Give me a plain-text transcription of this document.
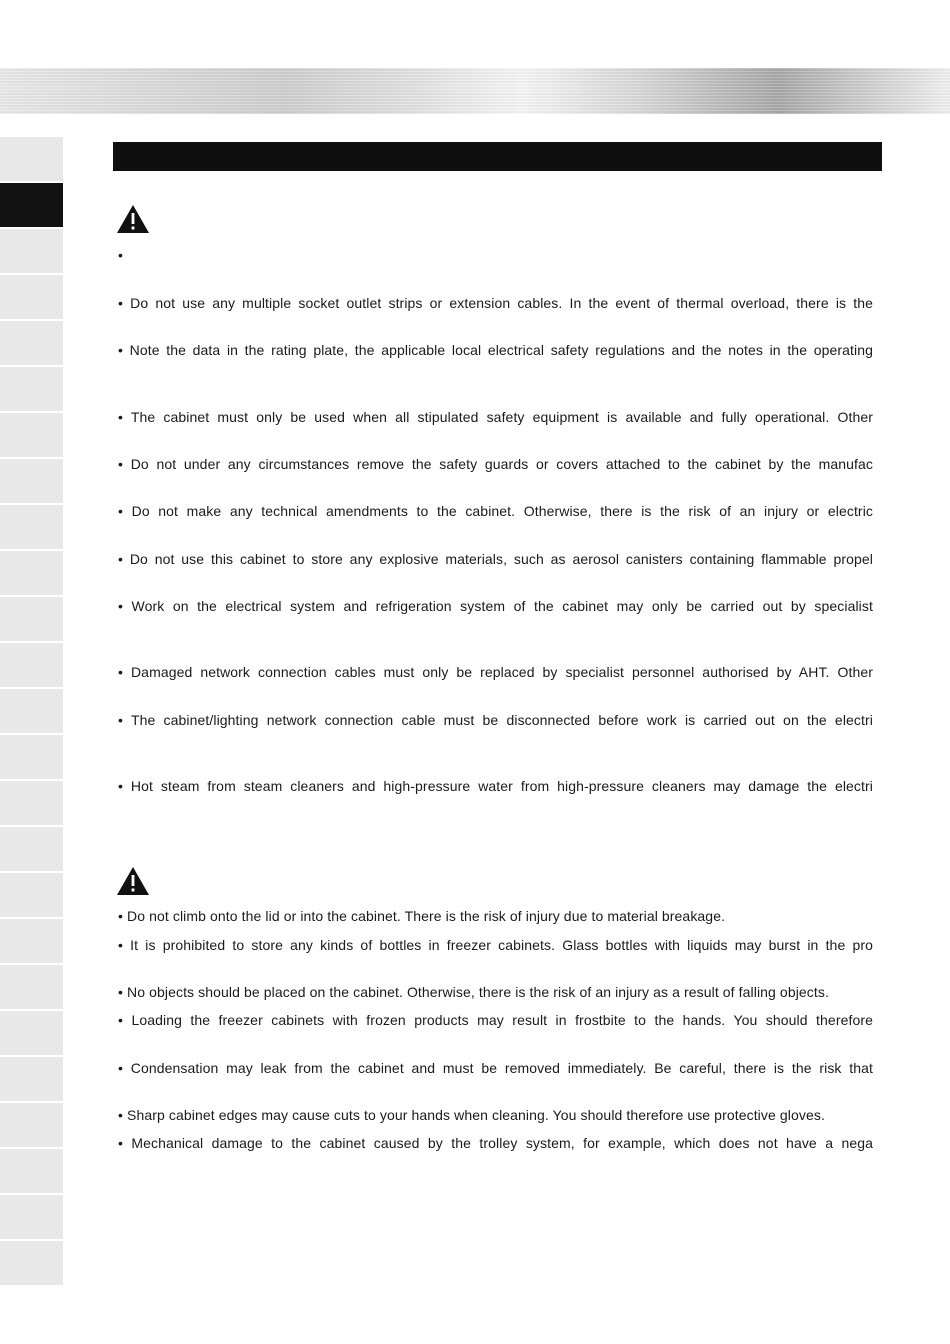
•
• Do not use any multiple socket outlet strips or extension cables. In the event of thermal overload, there is the
• Note the data in the rating plate, the applicable local electrical safety regulations and the notes in the operating
• The cabinet must only be used when all stipulated safety equipment is available and fully operational. Other
• Do not under any circumstances remove the safety guards or covers attached to the cabinet by the manufac
• Do not make any technical amendments to the cabinet. Otherwise, there is the risk of an injury or electric
• Do not use this cabinet to store any explosive materials, such as aerosol canisters containing flammable propel
• Work on the electrical system and refrigeration system of the cabinet may only be carried out by specialist
• Damaged network connection cables must only be replaced by specialist personnel authorised by AHT. Other
• The cabinet/lighting network connection cable must be disconnected before work is carried out on the electri
• Hot steam from steam cleaners and high-pressure water from high-pressure cleaners may damage the electri
• Do not climb onto the lid or into the cabinet. There is the risk of injury due to material breakage.
• It is prohibited to store any kinds of bottles in freezer cabinets. Glass bottles with liquids may burst in the pro
• No objects should be placed on the cabinet. Otherwise, there is the risk of an injury as a result of falling objects.
• Loading the freezer cabinets with frozen products may result in frostbite to the hands. You should therefore
• Condensation may leak from the cabinet and must be removed immediately. Be careful, there is the risk that
• Sharp cabinet edges may cause cuts to your hands when cleaning. You should therefore use protective gloves.
• Mechanical damage to the cabinet caused by the trolley system, for example, which does not have a nega
